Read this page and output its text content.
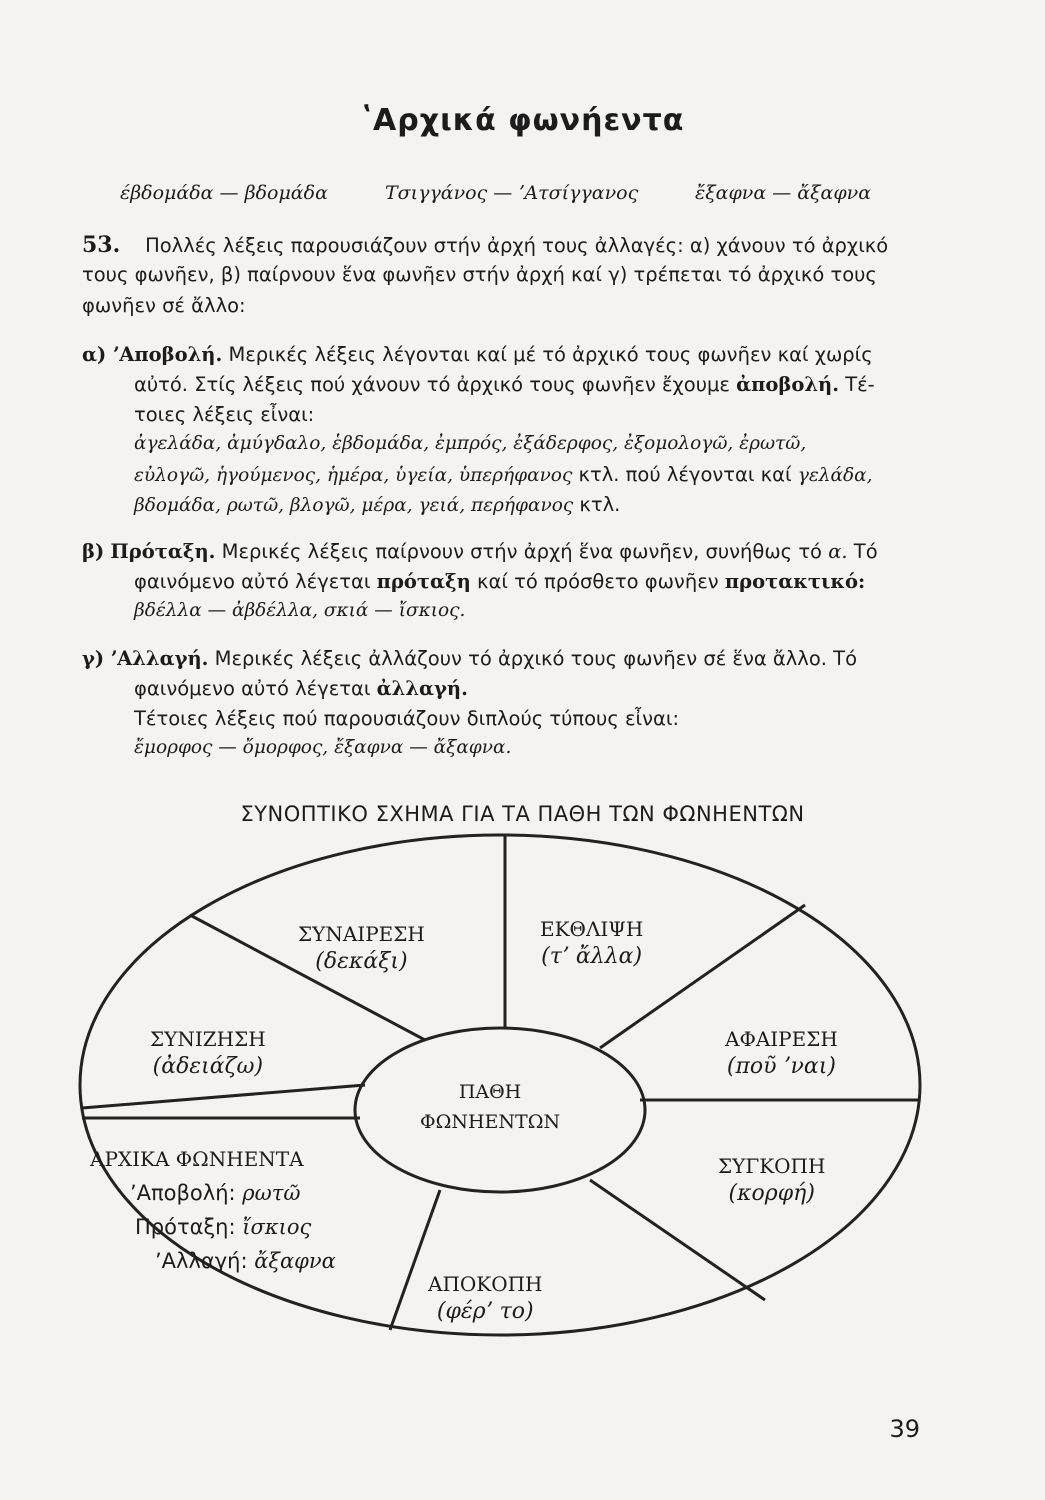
ʽΑρχικά φωνήεντα
έβδομάδα — βδομάδα	Τσιγγάνος — ʼΑτσίγγανος	ἔξαφνα — ἄξαφνα
53. Πολλές λέξεις παρουσιάζουν στήν ἀρχή τους ἀλλαγές: α) χάνουν τό ἀρχικό
τους φωνῆεν, β) παίρνουν ἕνα φωνῆεν στήν ἀρχή καί γ) τρέπεται τό ἀρχικό τους
φωνῆεν σέ ἄλλο:
α) ʼΑποβολή. Μερικές λέξεις λέγονται καί μέ τό ἀρχικό τους φωνῆεν καί χωρίς
αὐτό. Στίς λέξεις πού χάνουν τό ἀρχικό τους φωνῆεν ἔχουμε ἀποβολή. Τέ-
τοιες λέξεις εἶναι:
ἀγελάδα, ἀμύγδαλο, ἑβδομάδα, ἐμπρός, ἐξάδερφος, ἐξομολογῶ, ἐρωτῶ,
εὐλογῶ, ἡγούμενος, ἡμέρα, ὑγεία, ὑπερήφανος κτλ. πού λέγονται καί γελάδα,
βδομάδα, ρωτῶ, βλογῶ, μέρα, γειά, περήφανος κτλ.
β) Πρόταξη. Μερικές λέξεις παίρνουν στήν ἀρχή ἕνα φωνῆεν, συνήθως τό α. Τό
φαινόμενο αὐτό λέγεται πρόταξη καί τό πρόσθετο φωνῆεν προτακτικό:
βδέλλα — ἀβδέλλα, σκιά — ἴσκιος.
γ) ʼΑλλαγή. Μερικές λέξεις ἀλλάζουν τό ἀρχικό τους φωνῆεν σέ ἕνα ἄλλο. Τό
φαινόμενο αὐτό λέγεται ἀλλαγή.
Τέτοιες λέξεις πού παρουσιάζουν διπλούς τύπους εἶναι:
ἔμορφος — ὄμορφος, ἔξαφνα — ἄξαφνα.
ΣΥΝΟΠΤΙΚΟ ΣΧΗΜΑ ΓΙΑ ΤΑ ΠΑΘΗ ΤΩΝ ΦΩΝΗΕΝΤΩΝ
ΣΥΝΑΙΡΕΣΗ
(δεκάξι)
ΕΚΘΛΙΨΗ
(τʼ ἄλλα)
ΑΦΑΙΡΕΣΗ
(ποῦ ʼναι)
ΣΥΓΚΟΠΗ
(κορφή)
ΑΠΟΚΟΠΗ
(φέρʼ το)
ΣΥΝΙΖΗΣΗ
(ἀδειάζω)
ΠΑΘΗ
ΦΩΝΗΕΝΤΩΝ
ΑΡΧΙΚΑ ΦΩΝΗΕΝΤΑ
ʼΑποβολή: ρωτῶ
Πρόταξη: ἴσκιος
ʼΑλλαγή: ἄξαφνα
39
